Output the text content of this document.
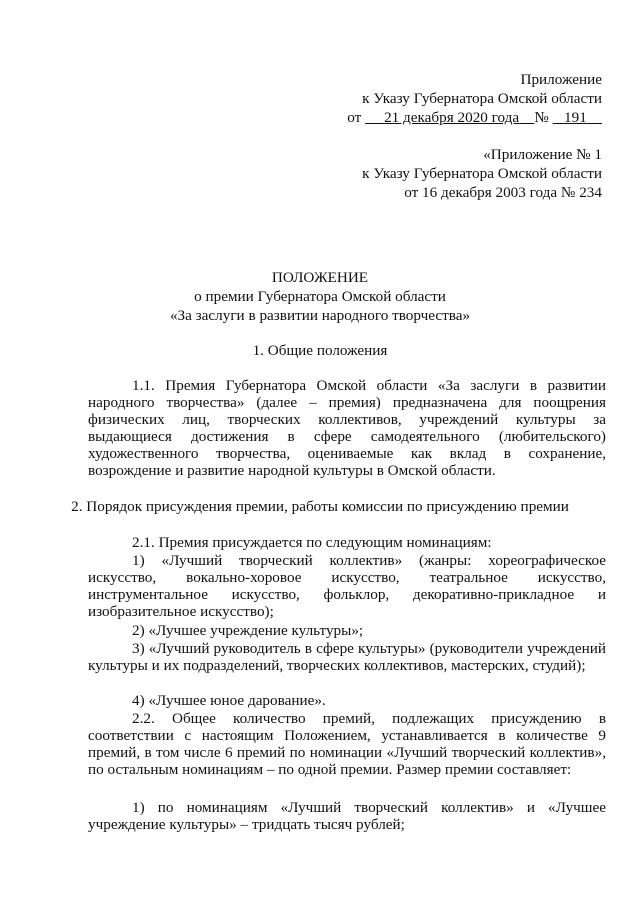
Приложение
к Указу Губернатора Омской области
от 21 декабря 2020 года № 191
«Приложение № 1
к Указу Губернатора Омской области
от 16 декабря 2003 года № 234
ПОЛОЖЕНИЕ
о премии Губернатора Омской области
«За заслуги в развитии народного творчества»
1. Общие положения
1.1. Премия Губернатора Омской области «За заслуги в развитии народного творчества» (далее – премия) предназначена для поощрения физических лиц, творческих коллективов, учреждений культуры за выдающиеся достижения в сфере самодеятельного (любительского) художественного творчества, оцениваемые как вклад в сохранение, возрождение и развитие народной культуры в Омской области.
2. Порядок присуждения премии, работы комиссии по присуждению премии
2.1. Премия присуждается по следующим номинациям:
1) «Лучший творческий коллектив» (жанры: хореографическое искусство, вокально-хоровое искусство, театральное искусство, инструментальное искусство, фольклор, декоративно-прикладное и изобразительное искусство);
2) «Лучшее учреждение культуры»;
3) «Лучший руководитель в сфере культуры» (руководители учреждений культуры и их подразделений, творческих коллективов, мастерских, студий);
4) «Лучшее юное дарование».
2.2. Общее количество премий, подлежащих присуждению в соответствии с настоящим Положением, устанавливается в количестве 9 премий, в том числе 6 премий по номинации «Лучший творческий коллектив», по остальным номинациям – по одной премии. Размер премии составляет:
1) по номинациям «Лучший творческий коллектив» и «Лучшее учреждение культуры» – тридцать тысяч рублей;
